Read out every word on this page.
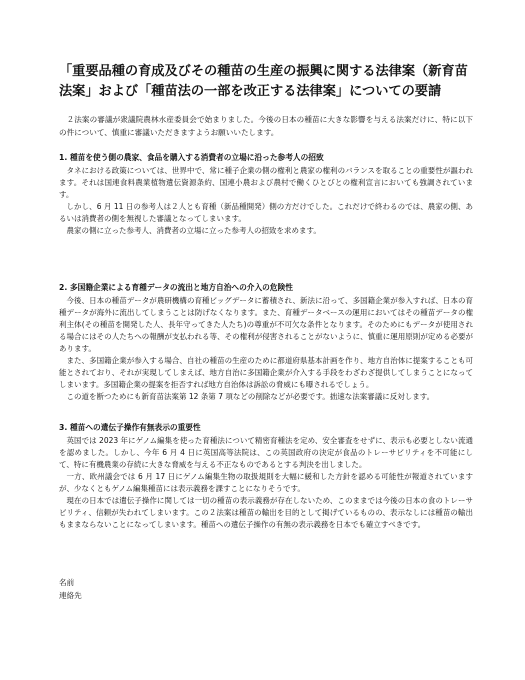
「重要品種の育成及びその種苗の生産の振興に関する法律案（新育苗法案」および「種苗法の一部を改正する法律案」についての要請

２法案の審議が衆議院農林水産委員会で始まりました。今後の日本の種苗に大きな影響を与える法案だけに、特に以下の件について、慎重に審議いただきますようお願いいたします。

1. 種苗を使う側の農家、食品を購入する消費者の立場に沿った参考人の招致

タネにおける政策については、世界中で、常に種子企業の側の権利と農家の権利のバランスを取ることの重要性が謳われます。それは国連食料農業植物遺伝資源条約、国連小農および農村で働くひとびとの権利宣言においても強調されています。

しかし、6 月 11 日の参考人は２人とも育種（新品種開発）側の方だけでした。これだけで終わるのでは、農家の側、あるいは消費者の側を無視した審議となってしまいます。

農家の側に立った参考人、消費者の立場に立った参考人の招致を求めます。

2. 多国籍企業による育種データの流出と地方自治への介入の危険性

今後、日本の種苗データが農研機構の育種ビッグデータに蓄積され、新法に沿って、多国籍企業が参入すれば、日本の育種データが海外に流出してしまうことは防げなくなります。また、育種データベースの運用においてはその種苗データの権利主体(その種苗を開発した人、長年守ってきた人たち)の尊重が不可欠な条件となります。そのためにもデータが使用される場合にはその人たちへの報酬が支払われる等、その権利が侵害されることがないように、慎重に運用原則が定める必要があります。

また、多国籍企業が参入する場合、自社の種苗の生産のために都道府県基本計画を作り、地方自治体に提案することも可能とされており、それが実現してしまえば、地方自治に多国籍企業が介入する手段をわざわざ提供してしまうことになってしまいます。多国籍企業の提案を拒否すれば地方自治体は訴訟の脅威にも曝されるでしょう。

この道を断つためにも新育苗法案第 12 条第 7 項などの削除などが必要です。拙速な法案審議に反対します。

3. 種苗への遺伝子操作有無表示の重要性

英国では 2023 年にゲノム編集を使った育種法について精密育種法を定め、安全審査をせずに、表示も必要としない流通を認めました。しかし、今年 6 月 4 日に英国高等法院は、この英国政府の決定が食品のトレーサビリティを不可能にして、特に有機農業の存続に大きな脅威を与える不正なものであるとする判決を出しました。

一方、欧州議会では 6 月 17 日にゲノム編集生物の取扱規則を大幅に緩和した方針を認める可能性が報道されていますが、少なくともゲノム編集種苗には表示義務を課すことになりそうです。

現在の日本では遺伝子操作に関しては一切の種苗の表示義務が存在しないため、このままでは今後の日本の食のトレーサビリティ、信頼が失われてしまいます。この２法案は種苗の輸出を目的として掲げているものの、表示なしには種苗の輸出もままならないことになってしまいます。種苗への遺伝子操作の有無の表示義務を日本でも確立すべきです。

名前
連絡先
